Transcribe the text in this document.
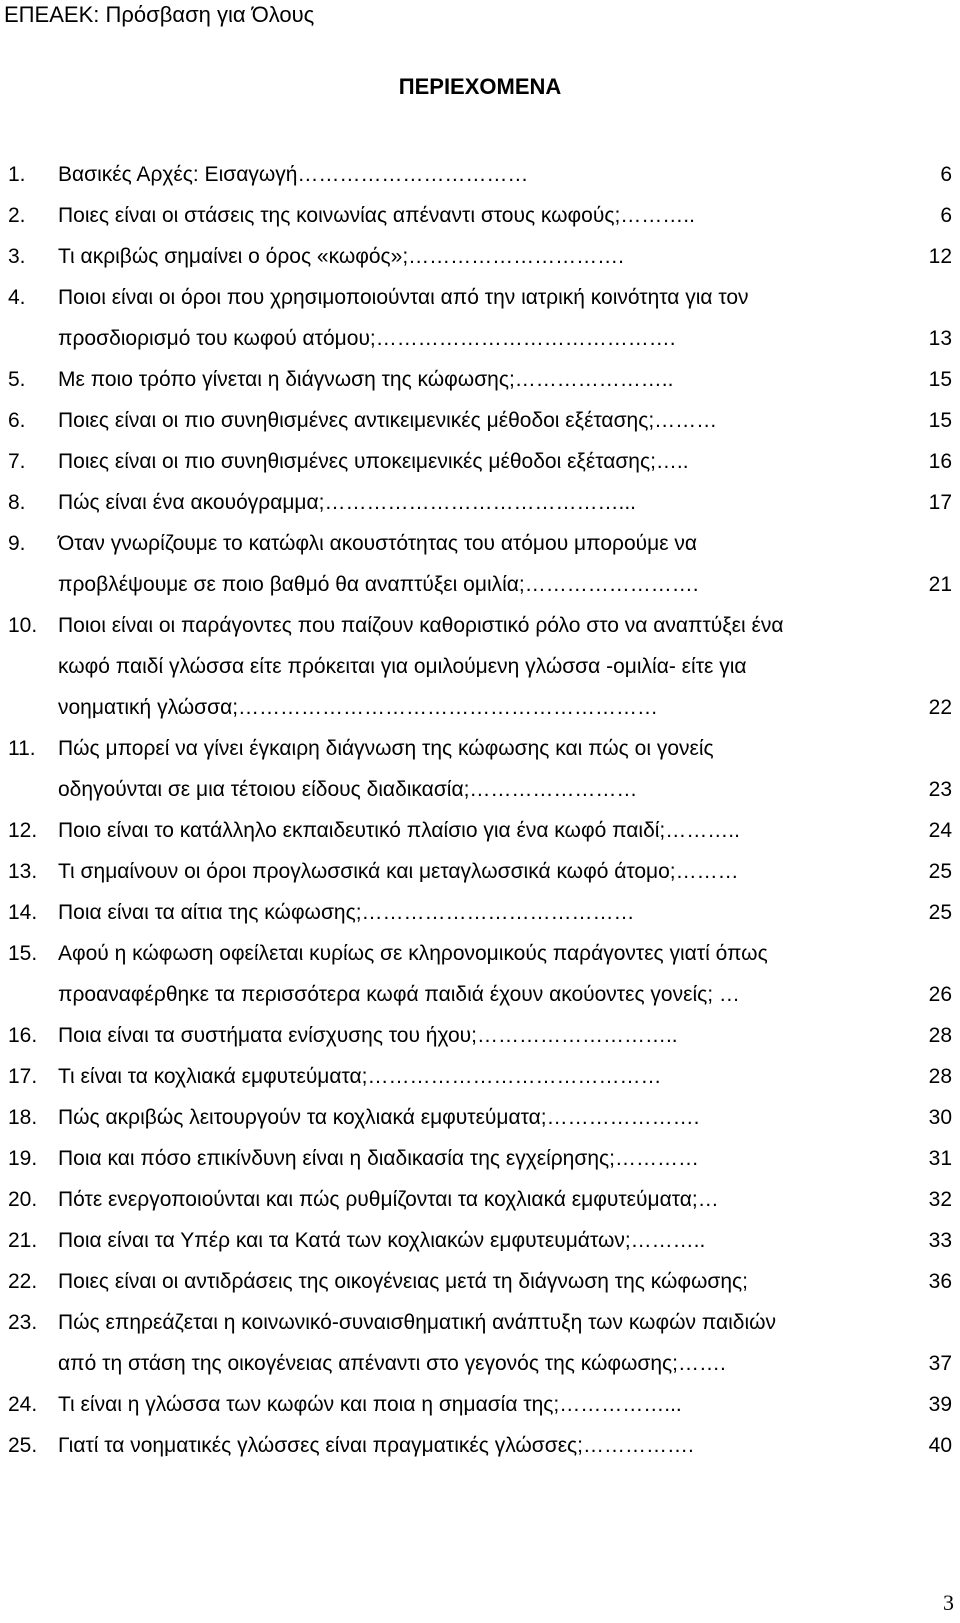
ΕΠΕΑΕΚ: Πρόσβαση για Όλους
ΠΕΡΙΕΧΟΜΕΝΑ
1. Βασικές Αρχές: Εισαγωγή……………………………	6
2. Ποιες είναι οι στάσεις της κοινωνίας απέναντι στους κωφούς;………..	6
3. Τι ακριβώς σημαίνει ο όρος «κωφός»;………………………….	12
4. Ποιοι είναι οι όροι που χρησιμοποιούνται από την ιατρική κοινότητα για τον
προσδιορισμό του κωφού ατόμου;…………………………………….	13
5. Με ποιο τρόπο γίνεται η διάγνωση της κώφωσης;…………………..	15
6. Ποιες είναι οι πιο συνηθισμένες αντικειμενικές μέθοδοι εξέτασης;………	15
7. Ποιες είναι οι πιο συνηθισμένες υποκειμενικές μέθοδοι εξέτασης;…..	16
8. Πώς είναι ένα ακουόγραμμα;……………………………………...	17
9. Όταν γνωρίζουμε το κατώφλι ακουστότητας του ατόμου μπορούμε να
προβλέψουμε σε ποιο βαθμό θα αναπτύξει ομιλία;…………………….	21
10. Ποιοι είναι οι παράγοντες που παίζουν καθοριστικό ρόλο στο να αναπτύξει ένα
κωφό παιδί γλώσσα είτε πρόκειται για ομιλούμενη γλώσσα -ομιλία- είτε για
νοηματική γλώσσα;……………………………………………………	22
11. Πώς μπορεί να γίνει έγκαιρη διάγνωση της κώφωσης και πώς οι γονείς
οδηγούνται σε μια τέτοιου είδους διαδικασία;……………………	23
12. Ποιο είναι το κατάλληλο εκπαιδευτικό πλαίσιο για ένα κωφό παιδί;………..	24
13. Τι σημαίνουν οι όροι προγλωσσικά και μεταγλωσσικά κωφό άτομο;………	25
14. Ποια είναι τα αίτια της κώφωσης;…………………………………	25
15. Αφού η κώφωση οφείλεται κυρίως σε κληρονομικούς παράγοντες γιατί όπως
προαναφέρθηκε τα περισσότερα κωφά παιδιά έχουν ακούοντες γονείς; …	26
16. Ποια είναι τα συστήματα ενίσχυσης του ήχου;………………………..	28
17. Τι είναι τα κοχλιακά εμφυτεύματα;……………………………………	28
18. Πώς ακριβώς λειτουργούν τα κοχλιακά εμφυτεύματα;………………….	30
19. Ποια και πόσο επικίνδυνη είναι η διαδικασία της εγχείρησης;…………	31
20. Πότε ενεργοποιούνται και πώς ρυθμίζονται τα κοχλιακά εμφυτεύματα;…	32
21. Ποια είναι τα Υπέρ και τα Κατά των κοχλιακών εμφυτευμάτων;………..	33
22. Ποιες είναι οι αντιδράσεις της οικογένειας μετά τη διάγνωση της κώφωσης;	36
23. Πώς επηρεάζεται η κοινωνικό-συναισθηματική ανάπτυξη των κωφών παιδιών
από τη στάση της οικογένειας απέναντι στο γεγονός της κώφωσης;…….	37
24. Τι είναι η γλώσσα των κωφών και ποια η σημασία της;……………...	39
25. Γιατί τα νοηματικές γλώσσες είναι πραγματικές γλώσσες;…………….	40
3
